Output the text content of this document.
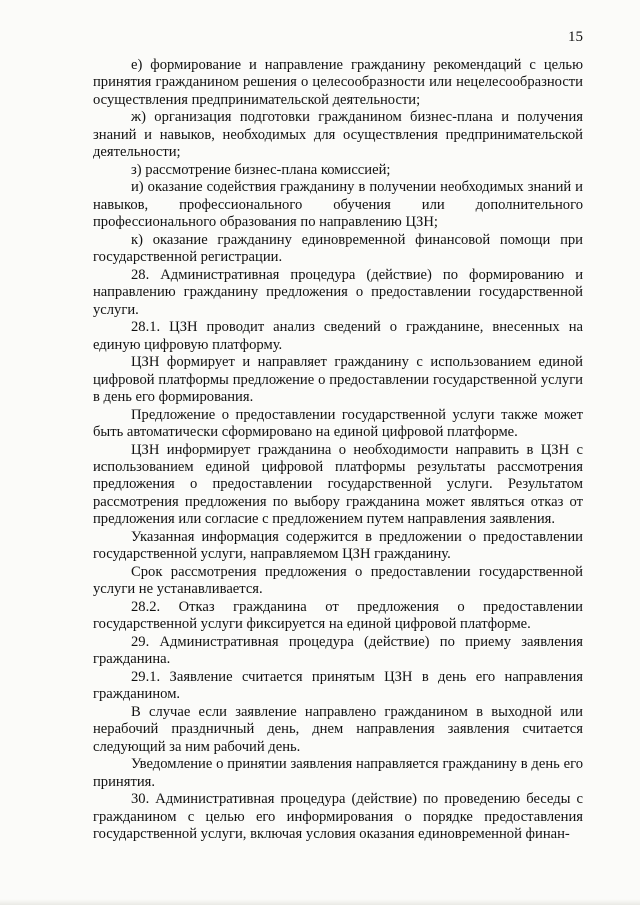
15

е) формирование и направление гражданину рекомендаций с целью принятия гражданином решения о целесообразности или нецелесообразности осуществления предпринимательской деятельности;

ж) организация подготовки гражданином бизнес-плана и получения знаний и навыков, необходимых для осуществления предпринимательской деятельности;

з) рассмотрение бизнес-плана комиссией;

и) оказание содействия гражданину в получении необходимых знаний и навыков, профессионального обучения или дополнительного профессионального образования по направлению ЦЗН;

к) оказание гражданину единовременной финансовой помощи при государственной регистрации.

28. Административная процедура (действие) по формированию и направлению гражданину предложения о предоставлении государственной услуги.

28.1. ЦЗН проводит анализ сведений о гражданине, внесенных на единую цифровую платформу.

ЦЗН формирует и направляет гражданину с использованием единой цифровой платформы предложение о предоставлении государственной услуги в день его формирования.

Предложение о предоставлении государственной услуги также может быть автоматически сформировано на единой цифровой платформе.

ЦЗН информирует гражданина о необходимости направить в ЦЗН с использованием единой цифровой платформы результаты рассмотрения предложения о предоставлении государственной услуги. Результатом рассмотрения предложения по выбору гражданина может являться отказ от предложения или согласие с предложением путем направления заявления.

Указанная информация содержится в предложении о предоставлении государственной услуги, направляемом ЦЗН гражданину.

Срок рассмотрения предложения о предоставлении государственной услуги не устанавливается.

28.2. Отказ гражданина от предложения о предоставлении государственной услуги фиксируется на единой цифровой платформе.

29. Административная процедура (действие) по приему заявления гражданина.

29.1. Заявление считается принятым ЦЗН в день его направления гражданином.

В случае если заявление направлено гражданином в выходной или нерабочий праздничный день, днем направления заявления считается следующий за ним рабочий день.

Уведомление о принятии заявления направляется гражданину в день его принятия.

30. Административная процедура (действие) по проведению беседы с гражданином с целью его информирования о порядке предоставления государственной услуги, включая условия оказания единовременной финан-
